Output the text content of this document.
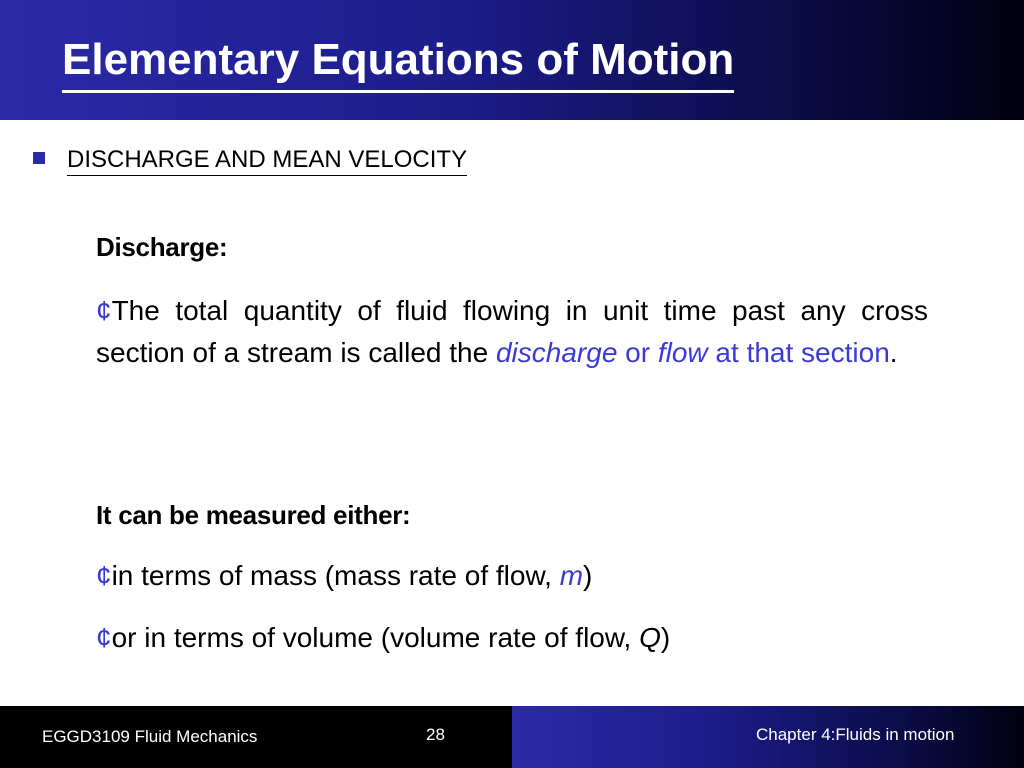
Elementary Equations of Motion
DISCHARGE AND MEAN VELOCITY
Discharge:
¢The total quantity of fluid flowing in unit time past any cross section of a stream is called the discharge or flow at that section.
It can be measured either:
¢in terms of mass (mass rate of flow, m)
¢or in terms of volume (volume rate of flow, Q)
EGGD3109 Fluid Mechanics	28	Chapter 4:Fluids in motion
